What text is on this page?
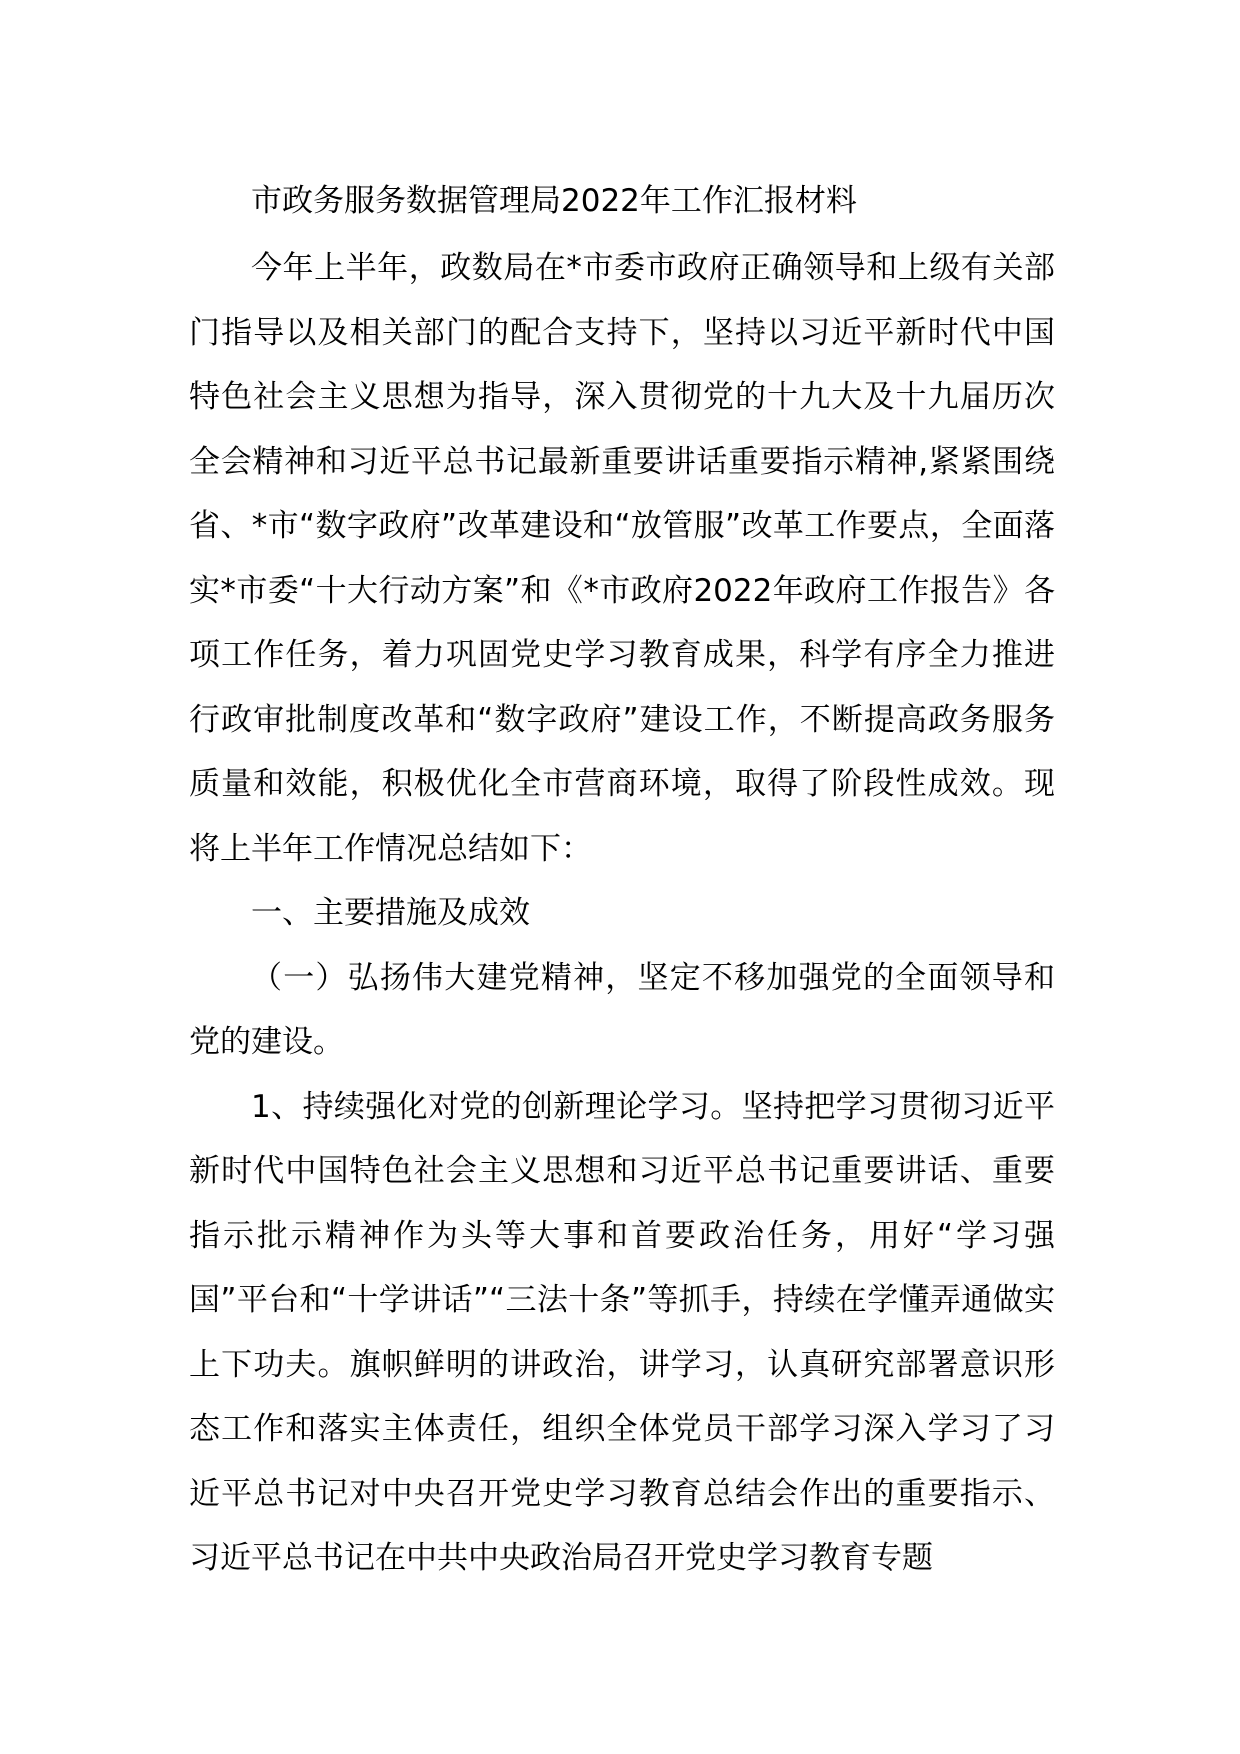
市政务服务数据管理局2022年工作汇报材料

今年上半年，政数局在*市委市政府正确领导和上级有关部门指导以及相关部门的配合支持下，坚持以习近平新时代中国特色社会主义思想为指导，深入贯彻党的十九大及十九届历次全会精神和习近平总书记最新重要讲话重要指示精神,紧紧围绕省、*市“数字政府”改革建设和“放管服”改革工作要点，全面落实*市委“十大行动方案”和《*市政府2022年政府工作报告》各项工作任务，着力巩固党史学习教育成果，科学有序全力推进行政审批制度改革和“数字政府”建设工作，不断提高政务服务质量和效能，积极优化全市营商环境，取得了阶段性成效。现将上半年工作情况总结如下：

一、主要措施及成效

（一）弘扬伟大建党精神，坚定不移加强党的全面领导和党的建设。

1、持续强化对党的创新理论学习。坚持把学习贯彻习近平新时代中国特色社会主义思想和习近平总书记重要讲话、重要指示批示精神作为头等大事和首要政治任务，用好“学习强国”平台和“十学讲话”“三法十条”等抓手，持续在学懂弄通做实上下功夫。旗帜鲜明的讲政治，讲学习，认真研究部署意识形态工作和落实主体责任，组织全体党员干部学习深入学习了习近平总书记对中央召开党史学习教育总结会作出的重要指示、习近平总书记在中共中央政治局召开党史学习教育专题
